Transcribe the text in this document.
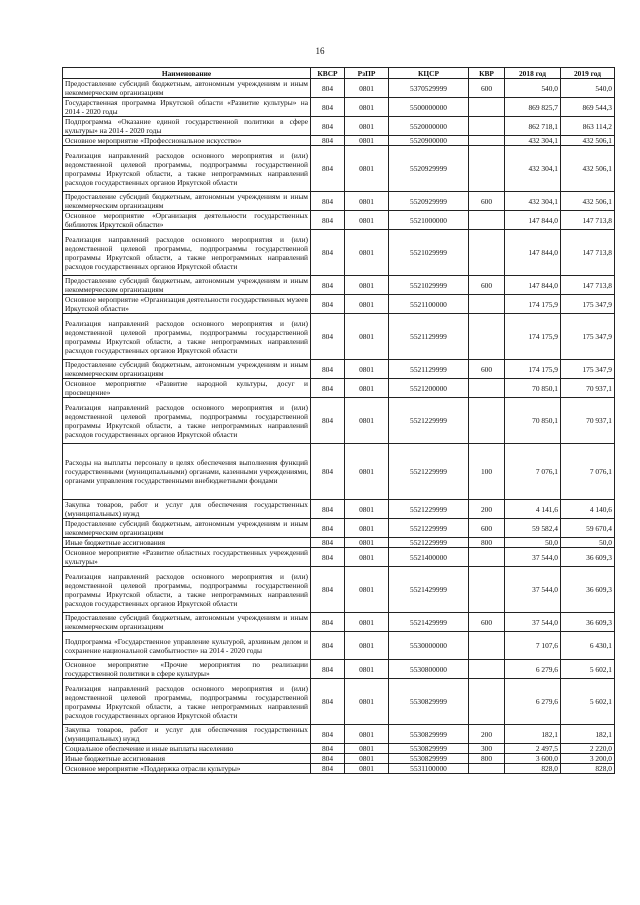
16
Наименование	КВСР	РзПР	КЦСР	КВР	2018 год	2019 год
Предоставление субсидий бюджетным, автономным учреждениям и иным некоммерческим организациям	804	0801	5370529999	600	540,0	540,0
Государственная программа Иркутской области «Развитие культуры» на 2014 - 2020 годы	804	0801	5500000000		869 825,7	869 544,3
Подпрограмма «Оказание единой государственной политики в сфере культуры» на 2014 - 2020 годы	804	0801	5520000000		862 718,1	863 114,2
Основное мероприятие «Профессиональное искусство»	804	0801	5520900000		432 304,1	432 506,1
Реализация направлений расходов основного мероприятия и (или) ведомственной целевой программы, подпрограммы государственной программы Иркутской области, а также непрограммных направлений расходов государственных органов Иркутской области	804	0801	5520929999		432 304,1	432 506,1
Предоставление субсидий бюджетным, автономным учреждениям и иным некоммерческим организациям	804	0801	5520929999	600	432 304,1	432 506,1
Основное мероприятие «Организация деятельности государственных библиотек Иркутской области»	804	0801	5521000000		147 844,0	147 713,8
Реализация направлений расходов основного мероприятия и (или) ведомственной целевой программы, подпрограммы государственной программы Иркутской области, а также непрограммных направлений расходов государственных органов Иркутской области	804	0801	5521029999		147 844,0	147 713,8
Предоставление субсидий бюджетным, автономным учреждениям и иным некоммерческим организациям	804	0801	5521029999	600	147 844,0	147 713,8
Основное мероприятие «Организация деятельности государственных музеев Иркутской области»	804	0801	5521100000		174 175,9	175 347,9
Реализация направлений расходов основного мероприятия и (или) ведомственной целевой программы, подпрограммы государственной программы Иркутской области, а также непрограммных направлений расходов государственных органов Иркутской области	804	0801	5521129999		174 175,9	175 347,9
Предоставление субсидий бюджетным, автономным учреждениям и иным некоммерческим организациям	804	0801	5521129999	600	174 175,9	175 347,9
Основное мероприятие «Развитие народной культуры, досуг и просвещение»	804	0801	5521200000		70 850,1	70 937,1
Реализация направлений расходов основного мероприятия и (или) ведомственной целевой программы, подпрограммы государственной программы Иркутской области, а также непрограммных направлений расходов государственных органов Иркутской области	804	0801	5521229999		70 850,1	70 937,1
Расходы на выплаты персоналу в целях обеспечения выполнения функций государственными (муниципальными) органами, казенными учреждениями, органами управления государственными внебюджетными фондами	804	0801	5521229999	100	7 076,1	7 076,1
Закупка товаров, работ и услуг для обеспечения государственных (муниципальных) нужд	804	0801	5521229999	200	4 141,6	4 140,6
Предоставление субсидий бюджетным, автономным учреждениям и иным некоммерческим организациям	804	0801	5521229999	600	59 582,4	59 670,4
Иные бюджетные ассигнования	804	0801	5521229999	800	50,0	50,0
Основное мероприятие «Развитие областных государственных учреждений культуры»	804	0801	5521400000		37 544,0	36 609,3
Реализация направлений расходов основного мероприятия и (или) ведомственной целевой программы, подпрограммы государственной программы Иркутской области, а также непрограммных направлений расходов государственных органов Иркутской области	804	0801	5521429999		37 544,0	36 609,3
Предоставление субсидий бюджетным, автономным учреждениям и иным некоммерческим организациям	804	0801	5521429999	600	37 544,0	36 609,3
Подпрограмма «Государственное управление культурой, архивным делом и сохранение национальной самобытности» на 2014 - 2020 годы	804	0801	5530000000		7 107,6	6 430,1
Основное мероприятие «Прочие мероприятия по реализации государственной политики в сфере культуры»	804	0801	5530800000		6 279,6	5 602,1
Реализация направлений расходов основного мероприятия и (или) ведомственной целевой программы, подпрограммы государственной программы Иркутской области, а также непрограммных направлений расходов государственных органов Иркутской области	804	0801	5530829999		6 279,6	5 602,1
Закупка товаров, работ и услуг для обеспечения государственных (муниципальных) нужд	804	0801	5530829999	200	182,1	182,1
Социальное обеспечение и иные выплаты населению	804	0801	5530829999	300	2 497,5	2 220,0
Иные бюджетные ассигнования	804	0801	5530829999	800	3 600,0	3 200,0
Основное мероприятие «Поддержка отрасли культуры»	804	0801	5531100000		828,0	828,0
